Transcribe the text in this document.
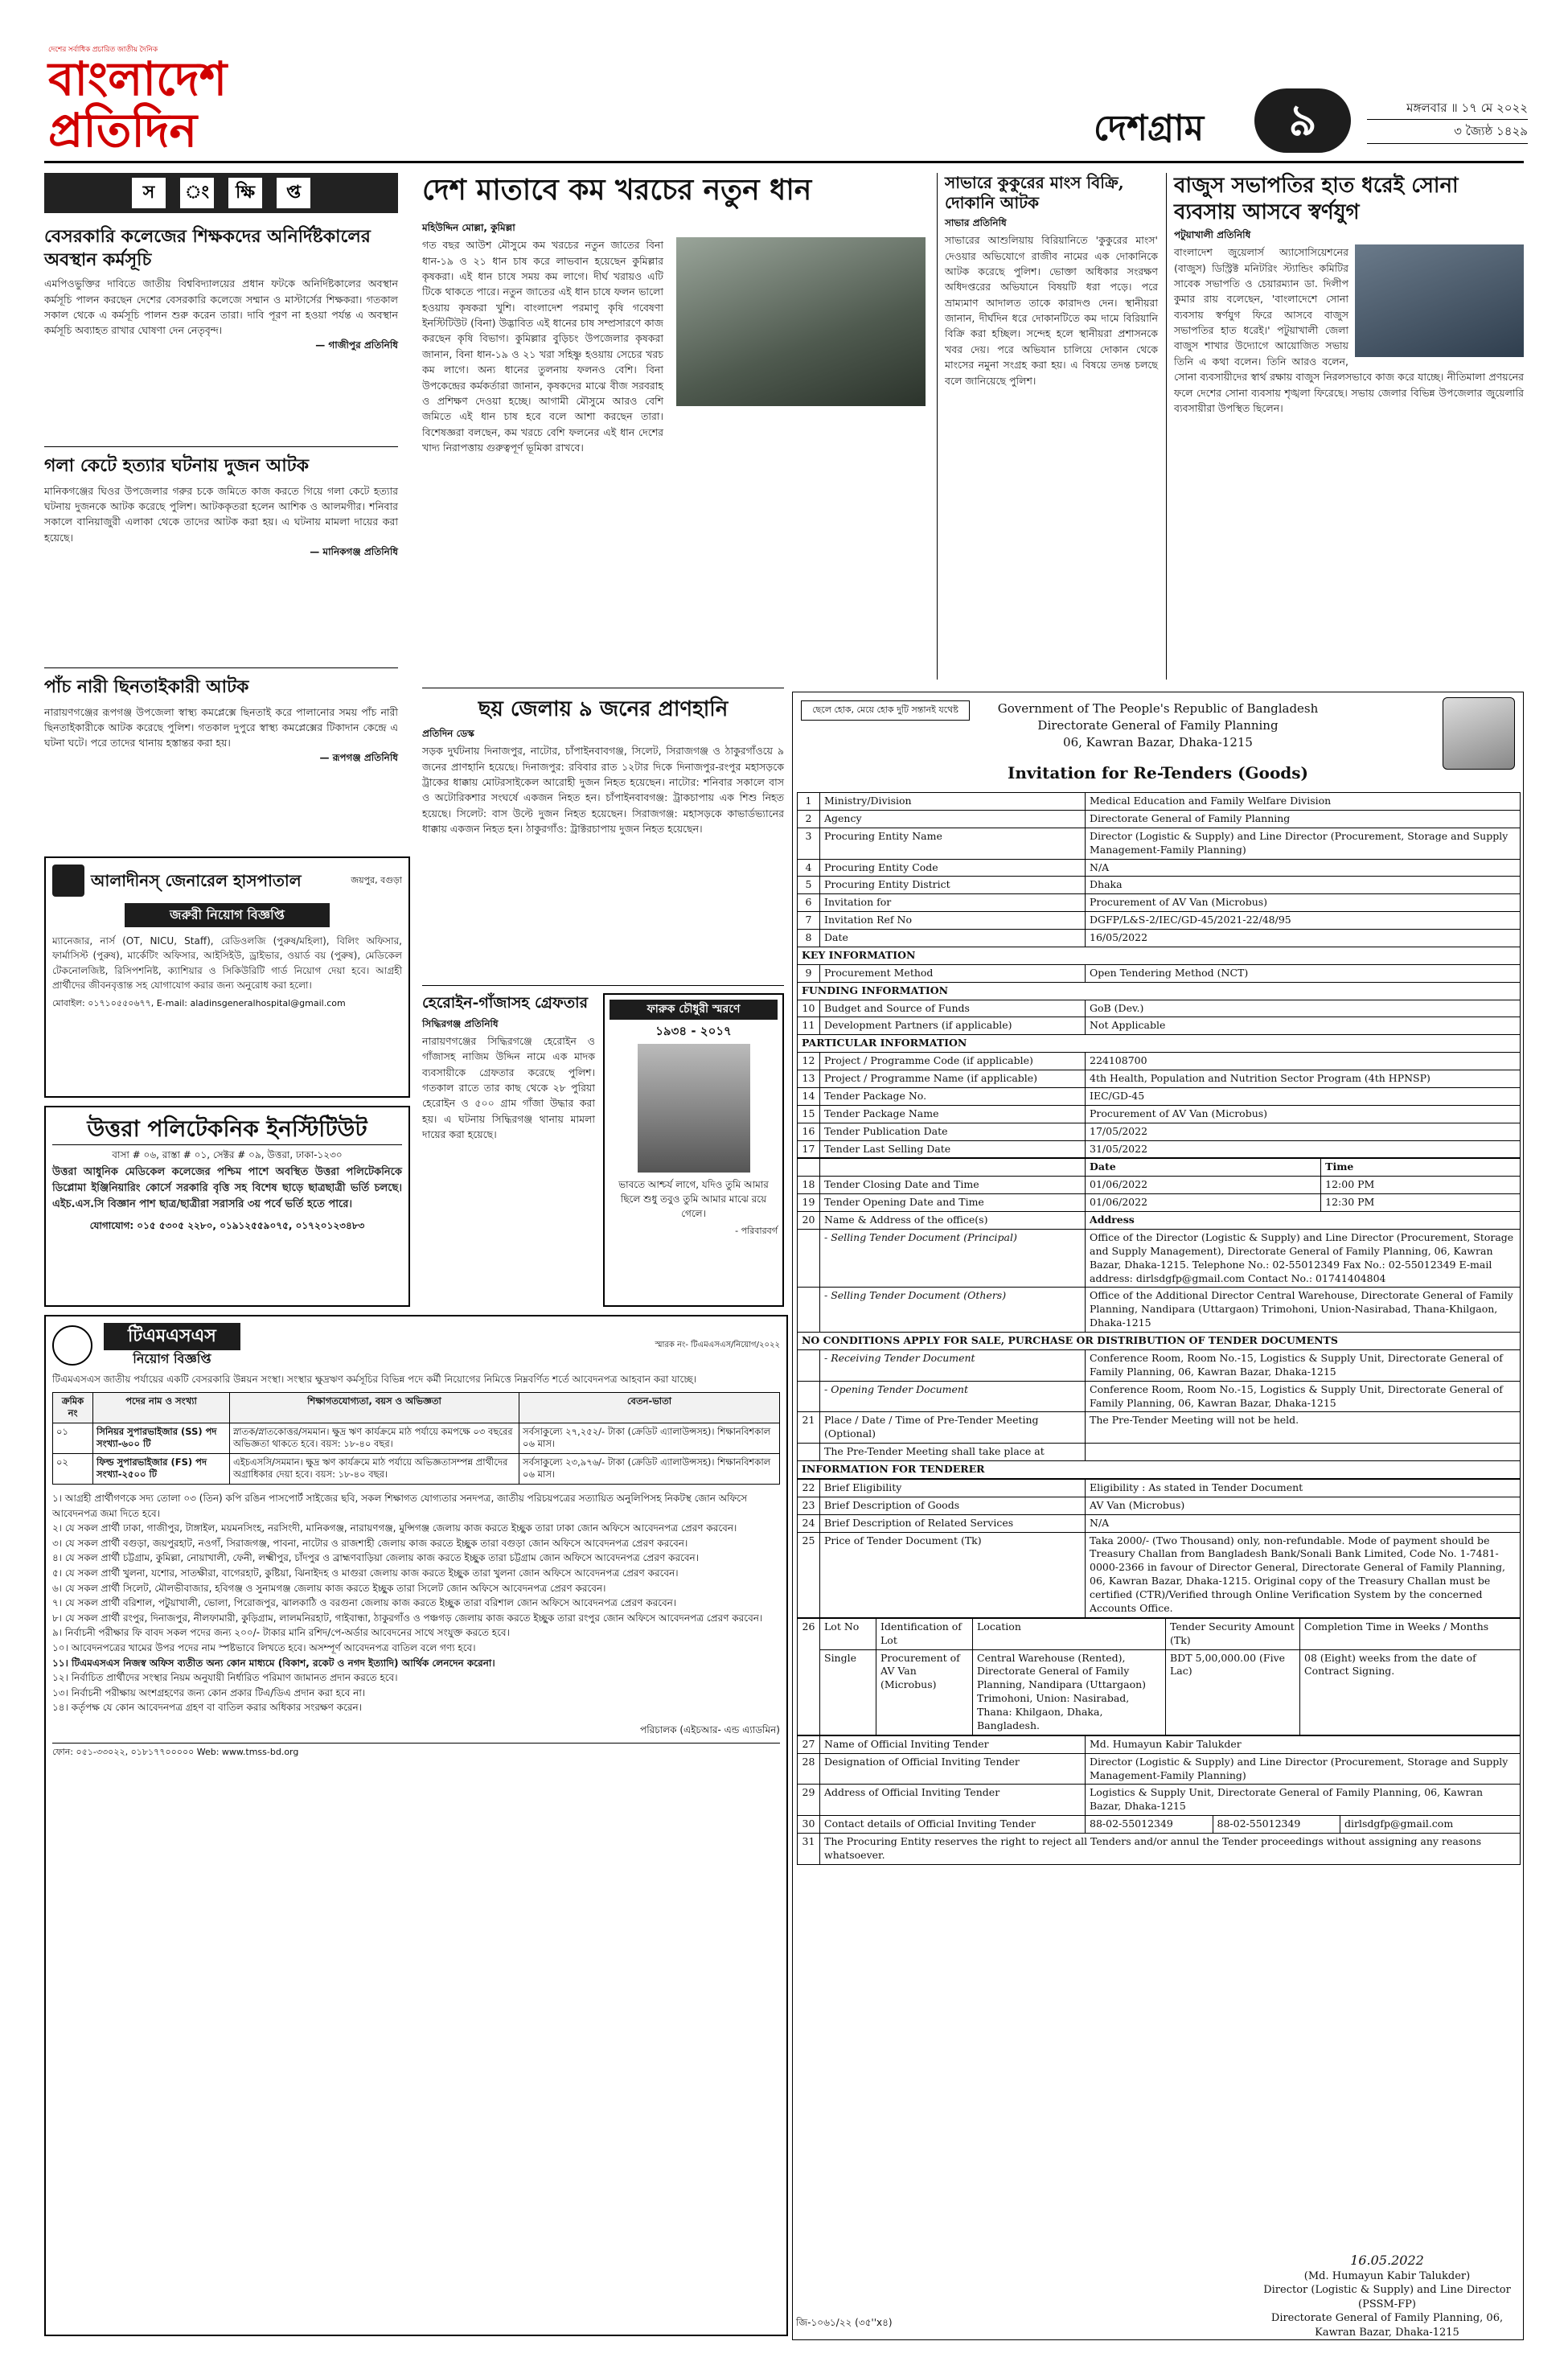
দেশের সর্বাধিক প্রচারিত জাতীয় দৈনিক
বাংলাদেশ প্রতিদিন	দেশগ্রাম	৯	মঙ্গলবার ॥ ১৭ মে ২০২২
৩ জ্যৈষ্ঠ ১৪২৯
স	ং	ক্ষি	প্ত
বেসরকারি কলেজের শিক্ষকদের অনির্দিষ্টকালের অবস্থান কর্মসূচি
এমপিওভুক্তির দাবিতে জাতীয় বিশ্ববিদ্যালয়ের প্রধান ফটকে অনির্দিষ্টকালের অবস্থান কর্মসূচি পালন করছেন দেশের বেসরকারি কলেজে সম্মান ও মাস্টার্সের শিক্ষকরা। গতকাল সকাল থেকে এ কর্মসূচি পালন শুরু করেন তারা। দাবি পূরণ না হওয়া পর্যন্ত এ অবস্থান কর্মসূচি অব্যাহত রাখার ঘোষণা দেন নেতৃবৃন্দ।
— গাজীপুর প্রতিনিধি
গলা কেটে হত্যার ঘটনায় দুজন আটক
মানিকগঞ্জের ঘিওর উপজেলার গরুর চকে জমিতে কাজ করতে গিয়ে গলা কেটে হত্যার ঘটনায় দুজনকে আটক করেছে পুলিশ। আটককৃতরা হলেন আশিক ও আলমগীর। শনিবার সকালে বানিয়াজুরী এলাকা থেকে তাদের আটক করা হয়। এ ঘটনায় মামলা দায়ের করা হয়েছে।
— মানিকগঞ্জ প্রতিনিধি
পাঁচ নারী ছিনতাইকারী আটক
নারায়ণগঞ্জের রূপগঞ্জ উপজেলা স্বাস্থ্য কমপ্লেক্সে ছিনতাই করে পালানোর সময় পাঁচ নারী ছিনতাইকারীকে আটক করেছে পুলিশ। গতকাল দুপুরে স্বাস্থ্য কমপ্লেক্সের টিকাদান কেন্দ্রে এ ঘটনা ঘটে। পরে তাদের থানায় হস্তান্তর করা হয়।
— রূপগঞ্জ প্রতিনিধি
আলাদীনস্‌ জেনারেল হাসপাতাল	জয়পুর, বগুড়া
জরুরী নিয়োগ বিজ্ঞপ্তি
ম্যানেজার, নার্স (OT, NICU, Staff), রেডিওলজি (পুরুষ/মহিলা), বিলিং অফিসার, ফার্মাসিস্ট (পুরুষ), মার্কেটিং অফিসার, আইসিইউ, ড্রাইভার, ওয়ার্ড বয় (পুরুষ), মেডিকেল টেকনোলজিষ্ট, রিসিপশনিষ্ট, ক্যাশিয়ার ও সিকিউরিটি গার্ড নিয়োগ দেয়া হবে। আগ্রহী প্রার্থীদের জীবনবৃত্তান্ত সহ যোগাযোগ করার জন্য অনুরোধ করা হলো।
মোবাইল: ০১৭১০৫৫০৬৭৭, E-mail: aladinsgeneralhospital@gmail.com
উত্তরা পলিটেকনিক ইনস্টিটিউট
বাসা # ০৬, রাস্তা # ০১, সেক্টর # ০৯, উত্তরা, ঢাকা-১২৩০
উত্তরা আধুনিক মেডিকেল কলেজের পশ্চিম পাশে অবস্থিত উত্তরা পলিটেকনিকে ডিপ্লোমা ইঞ্জিনিয়ারিং কোর্সে সরকারি বৃত্তি সহ বিশেষ ছাড়ে ছাত্রছাত্রী ভর্তি চলছে। এইচ.এস.সি বিজ্ঞান পাশ ছাত্র/ছাত্রীরা সরাসরি ৩য় পর্বে ভর্তি হতে পারে।
যোগাযোগ: ০১৫ ৫৩০৫ ২২৮০, ০১৯১২৫৫৯০৭৫, ০১৭২০১২৩৪৮৩
টিএমএসএস
নিয়োগ বিজ্ঞপ্তি
স্মারক নং- টিএমএসএস/নিয়োগ/২০২২
টিএমএসএস জাতীয় পর্যায়ের একটি বেসরকারি উন্নয়ন সংস্থা। সংস্থার ক্ষুদ্রঋণ কর্মসূচির বিভিন্ন পদে কর্মী নিয়োগের নিমিত্তে নিম্নবর্ণিত শর্তে আবেদনপত্র আহবান করা যাচ্ছে।
ক্রমিক নং	পদের নাম ও সংখ্যা	শিক্ষাগতযোগ্যতা, বয়স ও অভিজ্ঞতা	বেতন-ভাতা
০১	সিনিয়র সুপারভাইজার (SS) পদ সংখ্যা-৬০০ টি	স্নাতক/স্নাতকোত্তর/সমমান। ক্ষুদ্র ঋণ কার্যক্রমে মাঠ পর্যায়ে কমপক্ষে ০৩ বছরের অভিজ্ঞতা থাকতে হবে। বয়স: ১৮-৪০ বছর।	সর্বসাকুল্যে ২৭,২৫২/- টাকা (ক্রেডিট এ্যালাউন্সসহ)। শিক্ষানবিশকাল ০৬ মাস।
০২	ফিল্ড সুপারভাইজার (FS) পদ সংখ্যা-২৫০০ টি	এইচএসসি/সমমান। ক্ষুদ্র ঋণ কার্যক্রমে মাঠ পর্যায়ে অভিজ্ঞতাসম্পন্ন প্রার্থীদের অগ্রাধিকার দেয়া হবে। বয়স: ১৮-৪০ বছর।	সর্বসাকুল্যে ২৩,৯৭৬/- টাকা (ক্রেডিট এ্যালাউন্সসহ)। শিক্ষানবিশকাল ০৬ মাস।
১। আগ্রহী প্রার্থীগণকে সদ্য তোলা ০৩ (তিন) কপি রঙিন পাসপোর্ট সাইজের ছবি, সকল শিক্ষাগত যোগ্যতার সনদপত্র, জাতীয় পরিচয়পত্রের সত্যায়িত অনুলিপিসহ নিকটস্থ জোন অফিসে আবেদনপত্র জমা দিতে হবে।
২। যে সকল প্রার্থী ঢাকা, গাজীপুর, টাঙ্গাইল, ময়মনসিংহ, নরসিংদী, মানিকগঞ্জ, নারায়ণগঞ্জ, মুন্সিগঞ্জ জেলায় কাজ করতে ইচ্ছুক তারা ঢাকা জোন অফিসে আবেদনপত্র প্রেরণ করবেন।
৩। যে সকল প্রার্থী বগুড়া, জয়পুরহাট, নওগাঁ, সিরাজগঞ্জ, পাবনা, নাটোর ও রাজশাহী জেলায় কাজ করতে ইচ্ছুক তারা বগুড়া জোন অফিসে আবেদনপত্র প্রেরণ করবেন।
৪। যে সকল প্রার্থী চট্টগ্রাম, কুমিল্লা, নোয়াখালী, ফেনী, লক্ষ্মীপুর, চাঁদপুর ও ব্রাহ্মণবাড়িয়া জেলায় কাজ করতে ইচ্ছুক তারা চট্টগ্রাম জোন অফিসে আবেদনপত্র প্রেরণ করবেন।
৫। যে সকল প্রার্থী খুলনা, যশোর, সাতক্ষীরা, বাগেরহাট, কুষ্টিয়া, ঝিনাইদহ ও মাগুরা জেলায় কাজ করতে ইচ্ছুক তারা খুলনা জোন অফিসে আবেদনপত্র প্রেরণ করবেন।
৬। যে সকল প্রার্থী সিলেট, মৌলভীবাজার, হবিগঞ্জ ও সুনামগঞ্জ জেলায় কাজ করতে ইচ্ছুক তারা সিলেট জোন অফিসে আবেদনপত্র প্রেরণ করবেন।
৭। যে সকল প্রার্থী বরিশাল, পটুয়াখালী, ভোলা, পিরোজপুর, ঝালকাঠি ও বরগুনা জেলায় কাজ করতে ইচ্ছুক তারা বরিশাল জোন অফিসে আবেদনপত্র প্রেরণ করবেন।
৮। যে সকল প্রার্থী রংপুর, দিনাজপুর, নীলফামারী, কুড়িগ্রাম, লালমনিরহাট, গাইবান্ধা, ঠাকুরগাঁও ও পঞ্চগড় জেলায় কাজ করতে ইচ্ছুক তারা রংপুর জোন অফিসে আবেদনপত্র প্রেরণ করবেন।
৯। নির্বাচনী পরীক্ষার ফি বাবদ সকল পদের জন্য ২০০/- টাকার মানি রশিদ/পে-অর্ডার আবেদনের সাথে সংযুক্ত করতে হবে।
১০। আবেদনপত্রের খামের উপর পদের নাম স্পষ্টভাবে লিখতে হবে। অসম্পূর্ণ আবেদনপত্র বাতিল বলে গণ্য হবে।
১১। টিএমএসএস নিজস্ব অফিস ব্যতীত অন্য কোন মাধ্যমে (বিকাশ, রকেট ও নগদ ইত্যাদি) আর্থিক লেনদেন করেনা।
১২। নির্বাচিত প্রার্থীদের সংস্থার নিয়ম অনুযায়ী নির্ধারিত পরিমাণ জামানত প্রদান করতে হবে।
১৩। নির্বাচনী পরীক্ষায় অংশগ্রহণের জন্য কোন প্রকার টিএ/ডিএ প্রদান করা হবে না।
১৪। কর্তৃপক্ষ যে কোন আবেদনপত্র গ্রহণ বা বাতিল করার অধিকার সংরক্ষণ করেন।
পরিচালক (এইচআর- এন্ড এ্যাডমিন)
ফোন: ০৫১-৩৩০২২, ০১৮১৭৭০০০০০ Web: www.tmss-bd.org
দেশ মাতাবে কম খরচের নতুন ধান
মহিউদ্দিন মোল্লা, কুমিল্লা
গত বছর আউশ মৌসুমে কম খরচের নতুন জাতের বিনা ধান-১৯ ও ২১ ধান চাষ করে লাভবান হয়েছেন কুমিল্লার কৃষকরা। এই ধান চাষে সময় কম লাগে। দীর্ঘ খরায়ও এটি টিকে থাকতে পারে। নতুন জাতের এই ধান চাষে ফলন ভালো হওয়ায় কৃষকরা খুশি। বাংলাদেশ পরমাণু কৃষি গবেষণা ইনস্টিটিউট (বিনা) উদ্ভাবিত এই ধানের চাষ সম্প্রসারণে কাজ করছেন কৃষি বিভাগ। কুমিল্লার বুড়িচং উপজেলার কৃষকরা জানান, বিনা ধান-১৯ ও ২১ খরা সহিষ্ণু হওয়ায় সেচের খরচ কম লাগে। অন্য ধানের তুলনায় ফলনও বেশি। বিনা উপকেন্দ্রের কর্মকর্তারা জানান, কৃষকদের মাঝে বীজ সরবরাহ ও প্রশিক্ষণ দেওয়া হচ্ছে। আগামী মৌসুমে আরও বেশি জমিতে এই ধান চাষ হবে বলে আশা করছেন তারা। বিশেষজ্ঞরা বলছেন, কম খরচে বেশি ফলনের এই ধান দেশের খাদ্য নিরাপত্তায় গুরুত্বপূর্ণ ভূমিকা রাখবে।
সাভারে কুকুরের মাংস বিক্রি, দোকানি আটক
সাভার প্রতিনিধি
সাভারের আশুলিয়ায় বিরিয়ানিতে 'কুকুরের মাংস' দেওয়ার অভিযোগে রাজীব নামের এক দোকানিকে আটক করেছে পুলিশ। ভোক্তা অধিকার সংরক্ষণ অধিদপ্তরের অভিযানে বিষয়টি ধরা পড়ে। পরে ভ্রাম্যমাণ আদালত তাকে কারাদণ্ড দেন। স্থানীয়রা জানান, দীর্ঘদিন ধরে দোকানটিতে কম দামে বিরিয়ানি বিক্রি করা হচ্ছিল। সন্দেহ হলে স্থানীয়রা প্রশাসনকে খবর দেয়। পরে অভিযান চালিয়ে দোকান থেকে মাংসের নমুনা সংগ্রহ করা হয়। এ বিষয়ে তদন্ত চলছে বলে জানিয়েছে পুলিশ।
বাজুস সভাপতির হাত ধরেই সোনা ব্যবসায় আসবে স্বর্ণযুগ
পটুয়াখালী প্রতিনিধি
বাংলাদেশ জুয়েলার্স অ্যাসোসিয়েশনের (বাজুস) ডিস্ট্রিক্ট মনিটরিং স্ট্যান্ডিং কমিটির সাবেক সভাপতি ও চেয়ারম্যান ডা. দিলীপ কুমার রায় বলেছেন, 'বাংলাদেশে সোনা ব্যবসায় স্বর্ণযুগ ফিরে আসবে বাজুস সভাপতির হাত ধরেই।' পটুয়াখালী জেলা বাজুস শাখার উদ্যোগে আয়োজিত সভায় তিনি এ কথা বলেন। তিনি আরও বলেন, সোনা ব্যবসায়ীদের স্বার্থ রক্ষায় বাজুস নিরলসভাবে কাজ করে যাচ্ছে। নীতিমালা প্রণয়নের ফলে দেশের সোনা ব্যবসায় শৃঙ্খলা ফিরেছে। সভায় জেলার বিভিন্ন উপজেলার জুয়েলারি ব্যবসায়ীরা উপস্থিত ছিলেন।
ছয় জেলায় ৯ জনের প্রাণহানি
প্রতিদিন ডেস্ক
সড়ক দুর্ঘটনায় দিনাজপুর, নাটোর, চাঁপাইনবাবগঞ্জ, সিলেট, সিরাজগঞ্জ ও ঠাকুরগাঁওয়ে ৯ জনের প্রাণহানি হয়েছে। দিনাজপুর: রবিবার রাত ১২টার দিকে দিনাজপুর-রংপুর মহাসড়কে ট্রাকের ধাক্কায় মোটরসাইকেল আরোহী দুজন নিহত হয়েছেন। নাটোর: শনিবার সকালে বাস ও অটোরিকশার সংঘর্ষে একজন নিহত হন। চাঁপাইনবাবগঞ্জ: ট্রাকচাপায় এক শিশু নিহত হয়েছে। সিলেট: বাস উল্টে দুজন নিহত হয়েছেন। সিরাজগঞ্জ: মহাসড়কে কাভার্ডভ্যানের ধাক্কায় একজন নিহত হন। ঠাকুরগাঁও: ট্রাক্টরচাপায় দুজন নিহত হয়েছেন।
হেরোইন-গাঁজাসহ গ্রেফতার
সিদ্ধিরগঞ্জ প্রতিনিধি
নারায়ণগঞ্জের সিদ্ধিরগঞ্জে হেরোইন ও গাঁজাসহ নাজিম উদ্দিন নামে এক মাদক ব্যবসায়ীকে গ্রেফতার করেছে পুলিশ। গতকাল রাতে তার কাছ থেকে ২৮ পুরিয়া হেরোইন ও ৫০০ গ্রাম গাঁজা উদ্ধার করা হয়। এ ঘটনায় সিদ্ধিরগঞ্জ থানায় মামলা দায়ের করা হয়েছে।
ফারুক চৌধুরী স্মরণে
১৯৩৪ - ২০১৭
ভাবতে আশ্চর্য লাগে, যদিও তুমি আমার ছিলে শুধু তবুও তুমি আমার মাঝে রয়ে গেলে।
- পরিবারবর্গ
ছেলে হোক, মেয়ে হোক দুটি সন্তানই যথেষ্ট	Government of The People's Republic of Bangladesh
Directorate General of Family Planning
06, Kawran Bazar, Dhaka-1215
Invitation for Re-Tenders (Goods)
1	Ministry/Division	Medical Education and Family Welfare Division
2	Agency	Directorate General of Family Planning
3	Procuring Entity Name	Director (Logistic & Supply) and Line Director (Procurement, Storage and Supply Management-Family Planning)
4	Procuring Entity Code	N/A
5	Procuring Entity District	Dhaka
6	Invitation for	Procurement of AV Van (Microbus)
7	Invitation Ref No	DGFP/L&S-2/IEC/GD-45/2021-22/48/95
8	Date	16/05/2022
KEY INFORMATION		
9	Procurement Method	Open Tendering Method (NCT)
FUNDING INFORMATION		
10	Budget and Source of Funds	GoB (Dev.)
11	Development Partners (if applicable)	Not Applicable
PARTICULAR INFORMATION		
12	Project / Programme Code (if applicable)	224108700
13	Project / Programme Name (if applicable)	4th Health, Population and Nutrition Sector Program (4th HPNSP)
14	Tender Package No.	IEC/GD-45
15	Tender Package Name	Procurement of AV Van (Microbus)
16	Tender Publication Date	17/05/2022
17	Tender Last Selling Date	31/05/2022
		Date	Time
18	Tender Closing Date and Time	01/06/2022	12:00 PM
19	Tender Opening Date and Time	01/06/2022	12:30 PM
20	Name & Address of the office(s)	Address	
	- Selling Tender Document (Principal)	Office of the Director (Logistic & Supply) and Line Director (Procurement, Storage and Supply Management), Directorate General of Family Planning, 06, Kawran Bazar, Dhaka-1215. Telephone No.: 02-55012349 Fax No.: 02-55012349 E-mail address: dirlsdgfp@gmail.com Contact No.: 01741404804	
	- Selling Tender Document (Others)	Office of the Additional Director Central Warehouse, Directorate General of Family Planning, Nandipara (Uttargaon) Trimohoni, Union-Nasirabad, Thana-Khilgaon, Dhaka-1215	
NO CONDITIONS APPLY FOR SALE, PURCHASE OR DISTRIBUTION OF TENDER DOCUMENTS			
	- Receiving Tender Document	Conference Room, Room No.-15, Logistics & Supply Unit, Directorate General of Family Planning, 06, Kawran Bazar, Dhaka-1215	
	- Opening Tender Document	Conference Room, Room No.-15, Logistics & Supply Unit, Directorate General of Family Planning, 06, Kawran Bazar, Dhaka-1215	
21	Place / Date / Time of Pre-Tender Meeting (Optional)	The Pre-Tender Meeting will not be held.	
	The Pre-Tender Meeting shall take place at		
INFORMATION FOR TENDERER			
22	Brief Eligibility	Eligibility : As stated in Tender Document
23	Brief Description of Goods	AV Van (Microbus)
24	Brief Description of Related Services	N/A
25	Price of Tender Document (Tk)	Taka 2000/- (Two Thousand) only, non-refundable. Mode of payment should be Treasury Challan from Bangladesh Bank/Sonali Bank Limited, Code No. 1-7481-0000-2366 in favour of Director General, Directorate General of Family Planning, 06, Kawran Bazar, Dhaka-1215. Original copy of the Treasury Challan must be certified (CTR)/Verified through Online Verification System by the concerned Accounts Office.
26	Lot No	Identification of Lot	Location	Tender Security Amount (Tk)	Completion Time in Weeks / Months
	Single	Procurement of AV Van (Microbus)	Central Warehouse (Rented), Directorate General of Family Planning, Nandipara (Uttargaon) Trimohoni, Union: Nasirabad, Thana: Khilgaon, Dhaka, Bangladesh.	BDT 5,00,000.00 (Five Lac)	08 (Eight) weeks from the date of Contract Signing.
27	Name of Official Inviting Tender	Md. Humayun Kabir Talukder		
28	Designation of Official Inviting Tender	Director (Logistic & Supply) and Line Director (Procurement, Storage and Supply Management-Family Planning)		
29	Address of Official Inviting Tender	Logistics & Supply Unit, Directorate General of Family Planning, 06, Kawran Bazar, Dhaka-1215		
30	Contact details of Official Inviting Tender	88-02-55012349	88-02-55012349	dirlsdgfp@gmail.com
31	The Procuring Entity reserves the right to reject all Tenders and/or annul the Tender proceedings without assigning any reasons whatsoever.			
জি-১০৬১/২২ (৩৫''x৪)
16.05.2022
(Md. Humayun Kabir Talukder)
Director (Logistic & Supply) and Line Director (PSSM-FP)
Directorate General of Family Planning, 06, Kawran Bazar, Dhaka-1215
